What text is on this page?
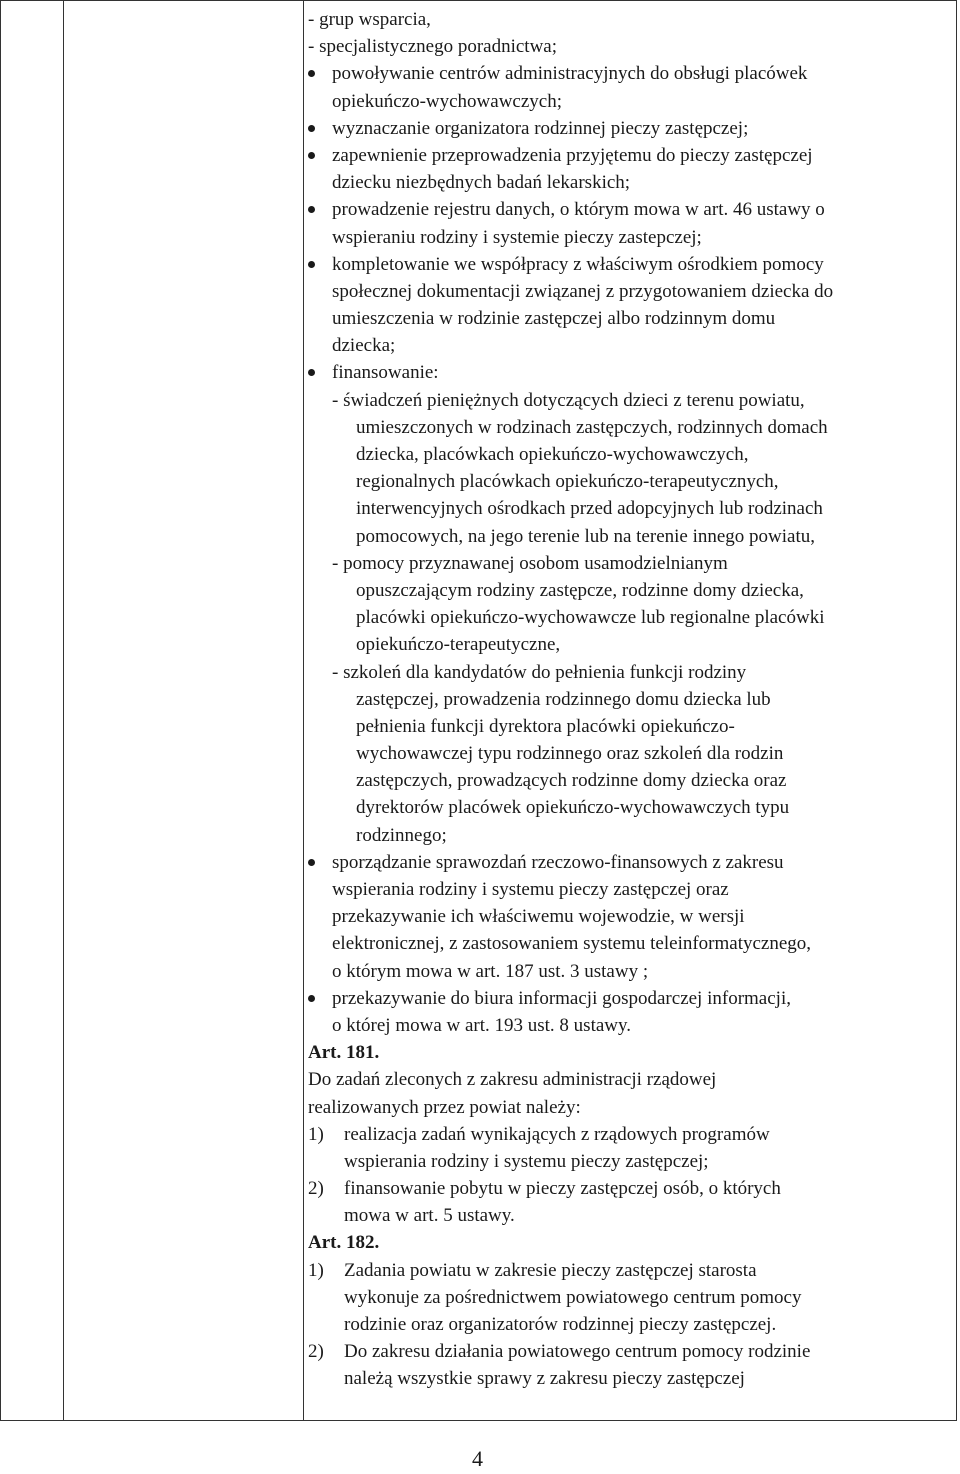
- grup wsparcia,
- specjalistycznego poradnictwa;
powoływanie centrów administracyjnych do obsługi placówek
opiekuńczo-wychowawczych;
wyznaczanie organizatora rodzinnej pieczy zastępczej;
zapewnienie przeprowadzenia przyjętemu do pieczy zastępczej
dziecku niezbędnych badań lekarskich;
prowadzenie rejestru danych, o którym mowa w art. 46 ustawy o
wspieraniu rodziny i systemie pieczy zastepczej;
kompletowanie we współpracy z właściwym ośrodkiem pomocy
społecznej dokumentacji związanej z przygotowaniem dziecka do
umieszczenia w rodzinie zastępczej albo rodzinnym domu
dziecka;
finansowanie:
- świadczeń pieniężnych dotyczących dzieci z terenu powiatu,
umieszczonych w rodzinach zastępczych, rodzinnych domach
dziecka, placówkach opiekuńczo-wychowawczych,
regionalnych placówkach opiekuńczo-terapeutycznych,
interwencyjnych ośrodkach przed adopcyjnych lub rodzinach
pomocowych, na jego terenie lub na terenie innego powiatu,
- pomocy przyznawanej osobom usamodzielnianym
opuszczającym rodziny zastępcze, rodzinne domy dziecka,
placówki opiekuńczo-wychowawcze lub regionalne placówki
opiekuńczo-terapeutyczne,
- szkoleń dla kandydatów do pełnienia funkcji rodziny
zastępczej, prowadzenia rodzinnego domu dziecka lub
pełnienia funkcji dyrektora placówki opiekuńczo-
wychowawczej typu rodzinnego oraz szkoleń dla rodzin
zastępczych, prowadzących rodzinne domy dziecka oraz
dyrektorów placówek opiekuńczo-wychowawczych typu
rodzinnego;
sporządzanie sprawozdań rzeczowo-finansowych z zakresu
wspierania rodziny i systemu pieczy zastępczej oraz
przekazywanie ich właściwemu wojewodzie, w wersji
elektronicznej, z zastosowaniem systemu teleinformatycznego,
o którym mowa w art. 187 ust. 3 ustawy ;
przekazywanie do biura informacji gospodarczej informacji,
o której mowa w art. 193 ust. 8 ustawy.
Art. 181.
Do zadań zleconych z zakresu administracji rządowej
realizowanych przez powiat należy:
1) realizacja zadań wynikających z rządowych programów
wspierania rodziny i systemu pieczy zastępczej;
2) finansowanie pobytu w pieczy zastępczej osób, o których
mowa w art. 5 ustawy.
Art. 182.
1) Zadania powiatu w zakresie pieczy zastępczej starosta
wykonuje za pośrednictwem powiatowego centrum pomocy
rodzinie oraz organizatorów rodzinnej pieczy zastępczej.
2) Do zakresu działania powiatowego centrum pomocy rodzinie
należą wszystkie sprawy z zakresu pieczy zastępczej
4
